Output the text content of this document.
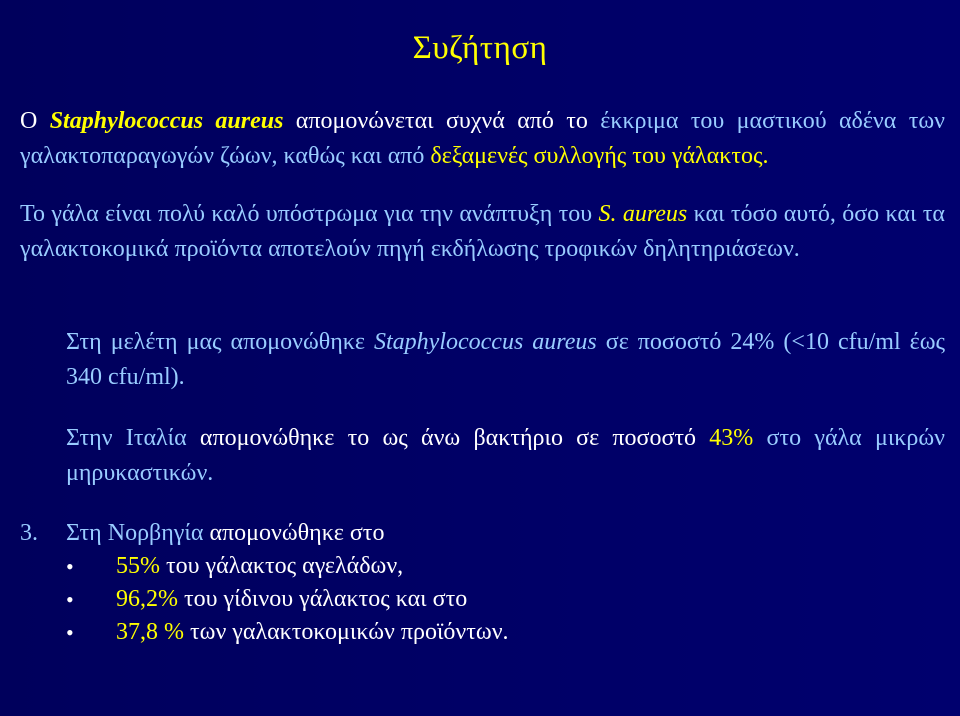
Συζήτηση

Ο Staphylococcus aureus απομονώνεται συχνά από το έκκριμα του μαστικού αδένα των γαλακτοπαραγωγών ζώων, καθώς και από δεξαμενές συλλογής του γάλακτος.

Το γάλα είναι πολύ καλό υπόστρωμα για την ανάπτυξη του S. aureus και τόσο αυτό, όσο και τα γαλακτοκομικά προϊόντα αποτελούν πηγή εκδήλωσης τροφικών δηλητηριάσεων.

Στη μελέτη μας απομονώθηκε Staphylococcus aureus σε ποσοστό 24% (<10 cfu/ml έως 340 cfu/ml).

Στην Ιταλία απομονώθηκε το ως άνω βακτήριο σε ποσοστό 43% στο γάλα μικρών μηρυκαστικών.

3. Στη Νορβηγία απομονώθηκε στο

• 55% του γάλακτος αγελάδων,
• 96,2% του γίδινου γάλακτος και στο
• 37,8 % των γαλακτοκομικών προϊόντων.
